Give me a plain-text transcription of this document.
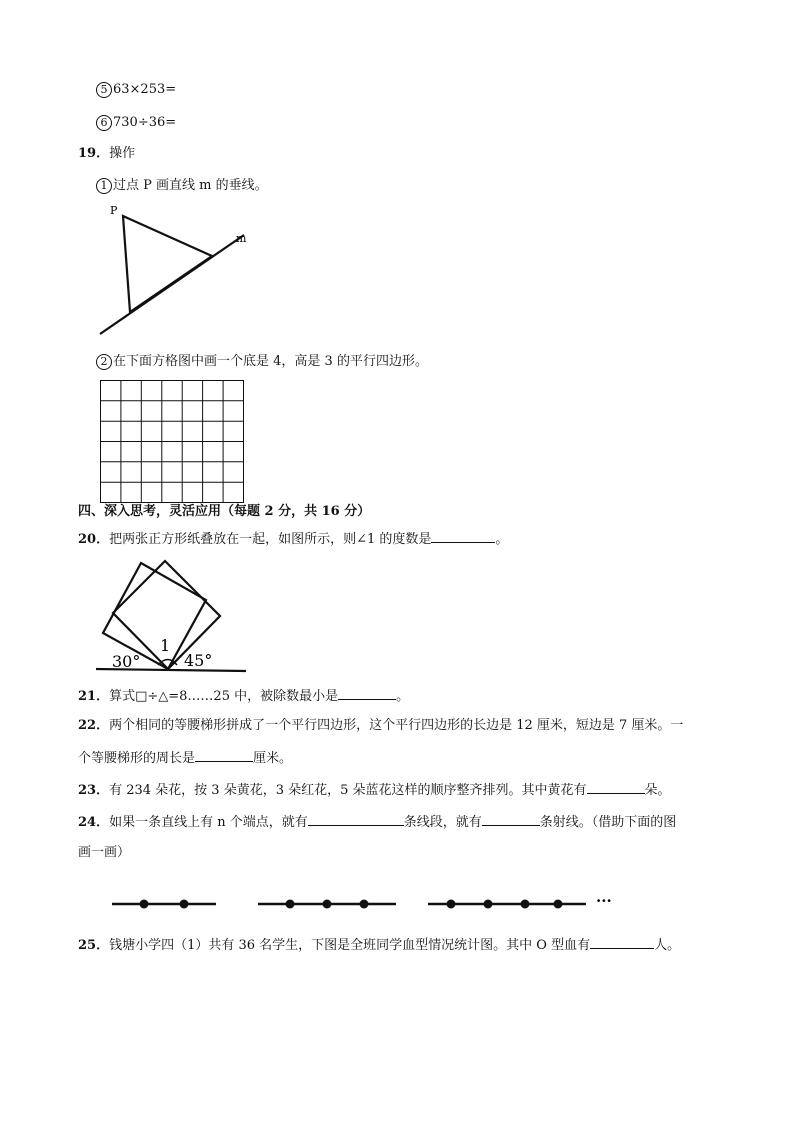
5 63×253=
6 730÷36=
19．操作
1 过点 P 画直线 m 的垂线。
P
m
2 在下面方格图中画一个底是 4，高是 3 的平行四边形。
四、深入思考，灵活应用（每题 2 分，共 16 分）
20．把两张正方形纸叠放在一起，如图所示，则∠1 的度数是	。
1
30°	45°
21．算式□÷△=8……25 中，被除数最小是	。
22．两个相同的等腰梯形拼成了一个平行四边形，这个平行四边形的长边是 12 厘米，短边是 7 厘米。一
个等腰梯形的周长是	厘米。
23．有 234 朵花，按 3 朵黄花，3 朵红花，5 朵蓝花这样的顺序整齐排列。其中黄花有	朵。
24．如果一条直线上有 n 个端点，就有	条线段，就有	条射线。（借助下面的图
画一画）
···
25．钱塘小学四（1）共有 36 名学生，下图是全班同学血型情况统计图。其中 O 型血有	人。
